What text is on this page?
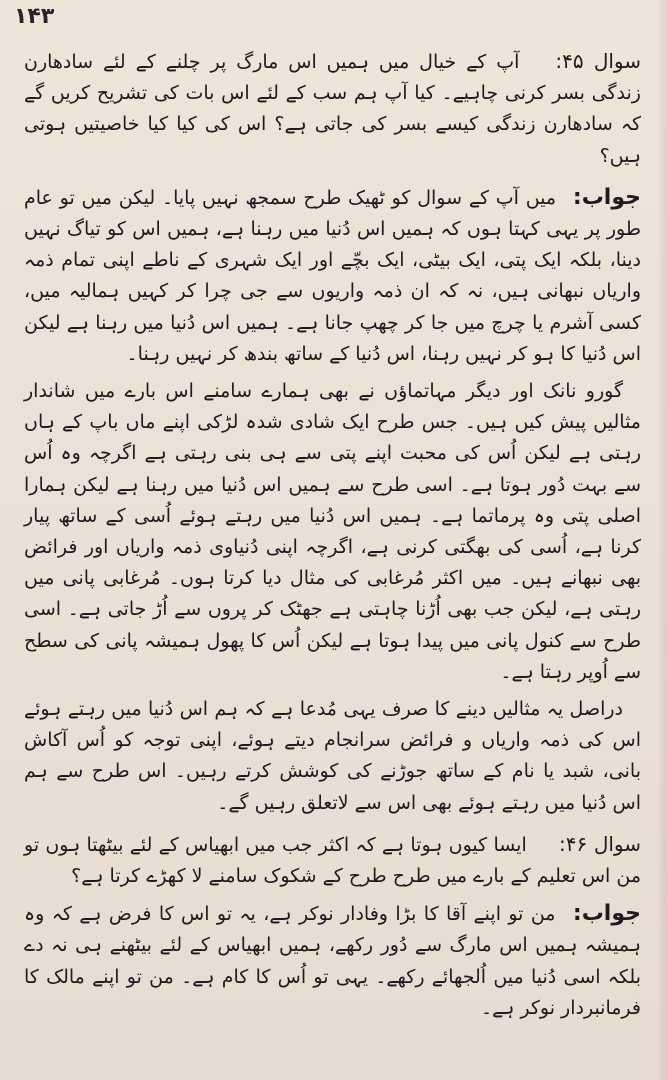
۱۴۳

سوال ۴۵: آپ کے خیال میں ہمیں اس مارگ پر چلنے کے لئے سادھارن زندگی بسر کرنی چاہیے۔ کیا آپ ہم سب کے لئے اس بات کی تشریح کریں گے کہ سادھارن زندگی کیسے بسر کی جاتی ہے؟ اس کی کیا کیا خاصیتیں ہوتی ہیں؟

جواب: میں آپ کے سوال کو ٹھیک طرح سمجھ نہیں پایا۔ لیکن میں تو عام طور پر یہی کہتا ہوں کہ ہمیں اس دُنیا میں رہنا ہے، ہمیں اس کو تیاگ نہیں دینا، بلکہ ایک پتی، ایک بیٹی، ایک بچّے اور ایک شہری کے ناطے اپنی تمام ذمہ واریاں نبھانی ہیں، نہ کہ ان ذمہ واریوں سے جی چرا کر کہیں ہمالیہ میں، کسی آشرم یا چرچ میں جا کر چھپ جانا ہے۔ ہمیں اس دُنیا میں رہنا ہے لیکن اس دُنیا کا ہو کر نہیں رہنا، اس دُنیا کے ساتھ بندھ کر نہیں رہنا۔

گورو نانک اور دیگر مہاتماؤں نے بھی ہمارے سامنے اس بارے میں شاندار مثالیں پیش کیں ہیں۔ جس طرح ایک شادی شدہ لڑکی اپنے ماں باپ کے ہاں رہتی ہے لیکن اُس کی محبت اپنے پتی سے ہی بنی رہتی ہے اگرچہ وہ اُس سے بہت دُور ہوتا ہے۔ اسی طرح سے ہمیں اس دُنیا میں رہنا ہے لیکن ہمارا اصلی پتی وہ پرماتما ہے۔ ہمیں اس دُنیا میں رہتے ہوئے اُسی کے ساتھ پیار کرنا ہے، اُسی کی بھگتی کرنی ہے، اگرچہ اپنی دُنیاوی ذمہ واریاں اور فرائض بھی نبھانے ہیں۔ میں اکثر مُرغابی کی مثال دیا کرتا ہوں۔ مُرغابی پانی میں رہتی ہے، لیکن جب بھی اُڑنا چاہتی ہے جھٹک کر پروں سے اُڑ جاتی ہے۔ اسی طرح سے کنول پانی میں پیدا ہوتا ہے لیکن اُس کا پھول ہمیشہ پانی کی سطح سے اُوپر رہتا ہے۔

دراصل یہ مثالیں دینے کا صرف یہی مُدعا ہے کہ ہم اس دُنیا میں رہتے ہوئے اس کی ذمہ واریاں و فرائض سرانجام دیتے ہوئے، اپنی توجہ کو اُس آکاش بانی، شبد یا نام کے ساتھ جوڑنے کی کوشش کرتے رہیں۔ اس طرح سے ہم اس دُنیا میں رہتے ہوئے بھی اس سے لاتعلق رہیں گے۔

سوال ۴۶: ایسا کیوں ہوتا ہے کہ اکثر جب میں ابھیاس کے لئے بیٹھتا ہوں تو من اس تعلیم کے بارے میں طرح طرح کے شکوک سامنے لا کھڑے کرتا ہے؟

جواب: من تو اپنے آقا کا بڑا وفادار نوکر ہے، یہ تو اس کا فرض ہے کہ وہ ہمیشہ ہمیں اس مارگ سے دُور رکھے، ہمیں ابھیاس کے لئے بیٹھنے ہی نہ دے بلکہ اسی دُنیا میں اُلجھائے رکھے۔ یہی تو اُس کا کام ہے۔ من تو اپنے مالک کا فرمانبردار نوکر ہے۔
